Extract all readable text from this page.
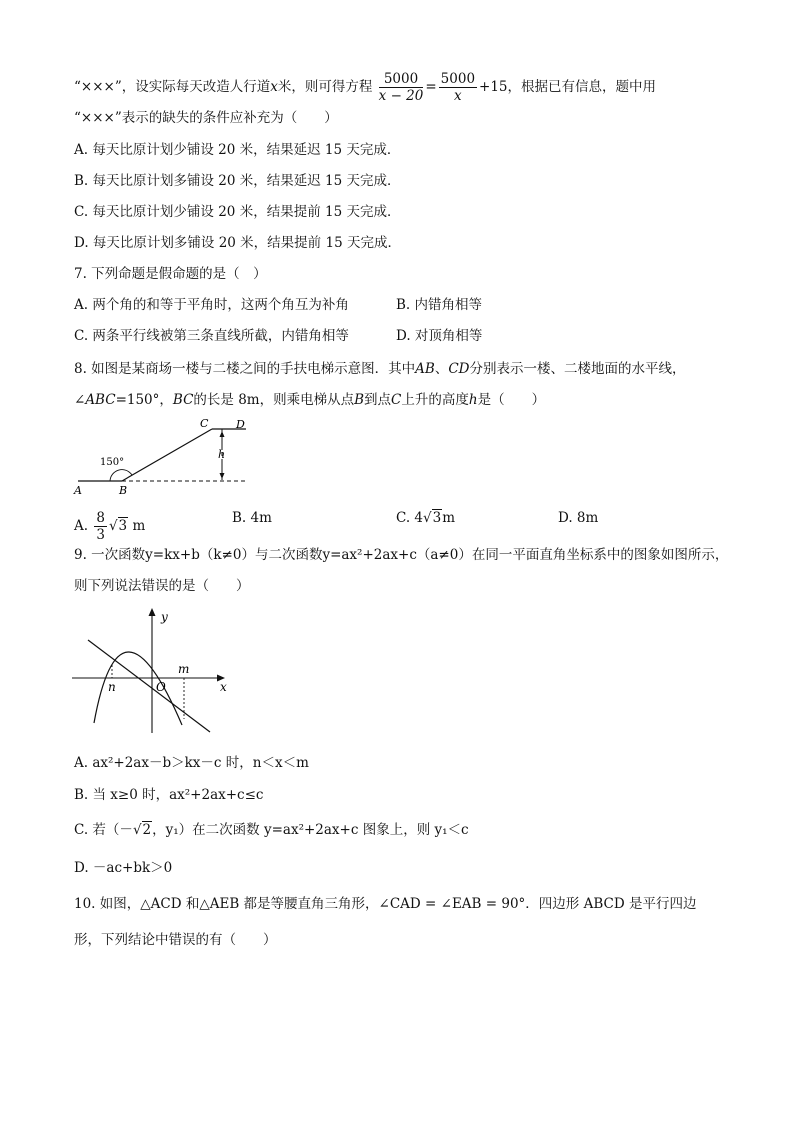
“×××”，设实际每天改造人行道x米，则可得方程 $\frac{5000}{x - 20} = \frac{5000}{x} +15$，根据已有信息，题中用
“×××”表示的缺失的条件应补充为（　　）
A. 每天比原计划少铺设 20 米，结果延迟 15 天完成．
B. 每天比原计划多铺设 20 米，结果延迟 15 天完成．
C. 每天比原计划少铺设 20 米，结果提前 15 天完成．
D. 每天比原计划多铺设 20 米，结果提前 15 天完成．
7. 下列命题是假命题的是（　）
A. 两个角的和等于平角时，这两个角互为补角	B. 内错角相等
C. 两条平行线被第三条直线所截，内错角相等	D. 对顶角相等
8. 如图是某商场一楼与二楼之间的手扶电梯示意图．其中AB、CD分别表示一楼、二楼地面的水平线，
∠ABC=150°，BC的长是 8m，则乘电梯从点B到点C上升的高度h是（　　）
150°
A	B
C	D
h
A. $\frac{8}{3} √3$ m	B. 4m	C. 4√3m	D. 8m
9. 一次函数y=kx+b（k≠0）与二次函数y=ax²+2ax+c（a≠0）在同一平面直角坐标系中的图象如图所示，
则下列说法错误的是（　　）
y
x
O
n
m
A. ax²+2ax－b＞kx－c 时，n＜x＜m
B. 当 x≥0 时，ax²+2ax+c≤c
C. 若（－√2，y₁）在二次函数 y=ax²+2ax+c 图象上，则 y₁＜c
D. －ac+bk＞0
10. 如图，△ACD 和△AEB 都是等腰直角三角形，∠CAD = ∠EAB = 90°．四边形 ABCD 是平行四边
形，下列结论中错误的有（　　）
